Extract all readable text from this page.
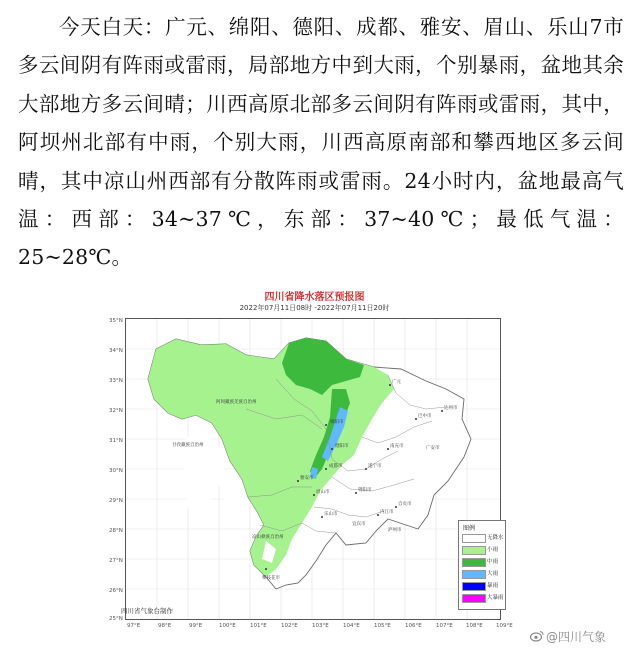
今天白天：广元、绵阳、德阳、成都、雅安、眉山、乐山7市多云间阴有阵雨或雷雨，局部地方中到大雨，个别暴雨，盆地其余大部地方多云间晴；川西高原北部多云间阴有阵雨或雷雨，其中，阿坝州北部有中雨，个别大雨，川西高原南部和攀西地区多云间晴，其中凉山州西部有分散阵雨或雷雨。24小时内，盆地最高气温：西部：34~37℃，东部：37~40℃；最低气温：25~28℃。
四川省降水落区预报图
2022年07月11日08时 -2022年07月11日20时
35°N
34°N
33°N
32°N
31°N
30°N
29°N
28°N
27°N
26°N
25°N
97°E	98°E	99°E	100°E	101°E	102°E	103°E	104°E	105°E	106°E	107°E 108°E 109°E
阿坝藏族羌族自治州
甘孜藏族自治州
凉山彝族自治州
广元
绵阳市
德阳市
成都市
雅安市
眉山市
乐山市
巴中市
达州市
南充市
遂宁市
资阳市
内江市
自贡市
宜宾市
泸州市
广安市
攀枝花市
图例
无降水
小雨
中雨
大雨
暴雨
大暴雨
四川省气象台制作
@四川气象
